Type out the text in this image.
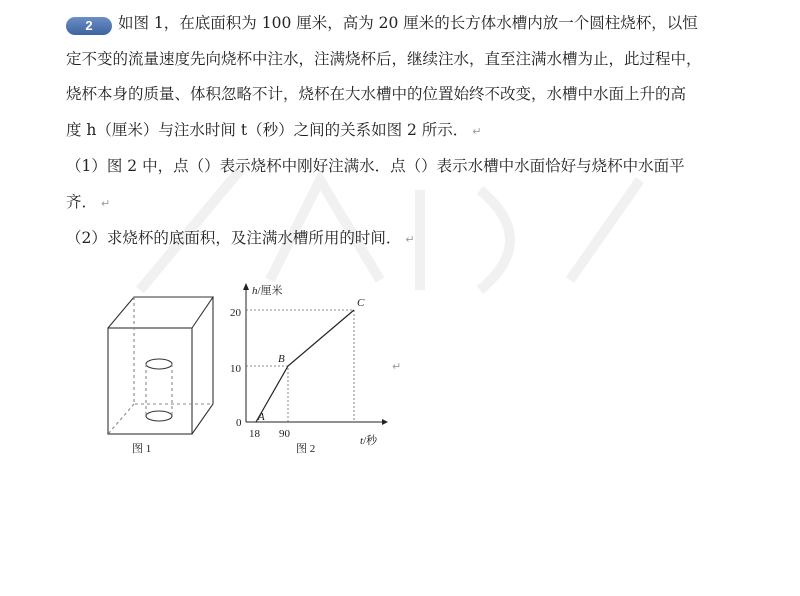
2 如图 1，在底面积为 100 厘米，高为 20 厘米的长方体水槽内放一个圆柱烧杯，以恒
定不变的流量速度先向烧杯中注水，注满烧杯后，继续注水，直至注满水槽为止，此过程中，
烧杯本身的质量、体积忽略不计，烧杯在大水槽中的位置始终不改变，水槽中水面上升的高
度 h（厘米）与注水时间 t（秒）之间的关系如图 2 所示． ↵
（1）图 2 中，点（）表示烧杯中刚好注满水．点（）表示水槽中水面恰好与烧杯中水面平
齐． ↵
（2）求烧杯的底面积，及注满水槽所用的时间． ↵
图 1
A
B
C
h/厘米
t/秒
0
10
20
18 90
图 2
↵
